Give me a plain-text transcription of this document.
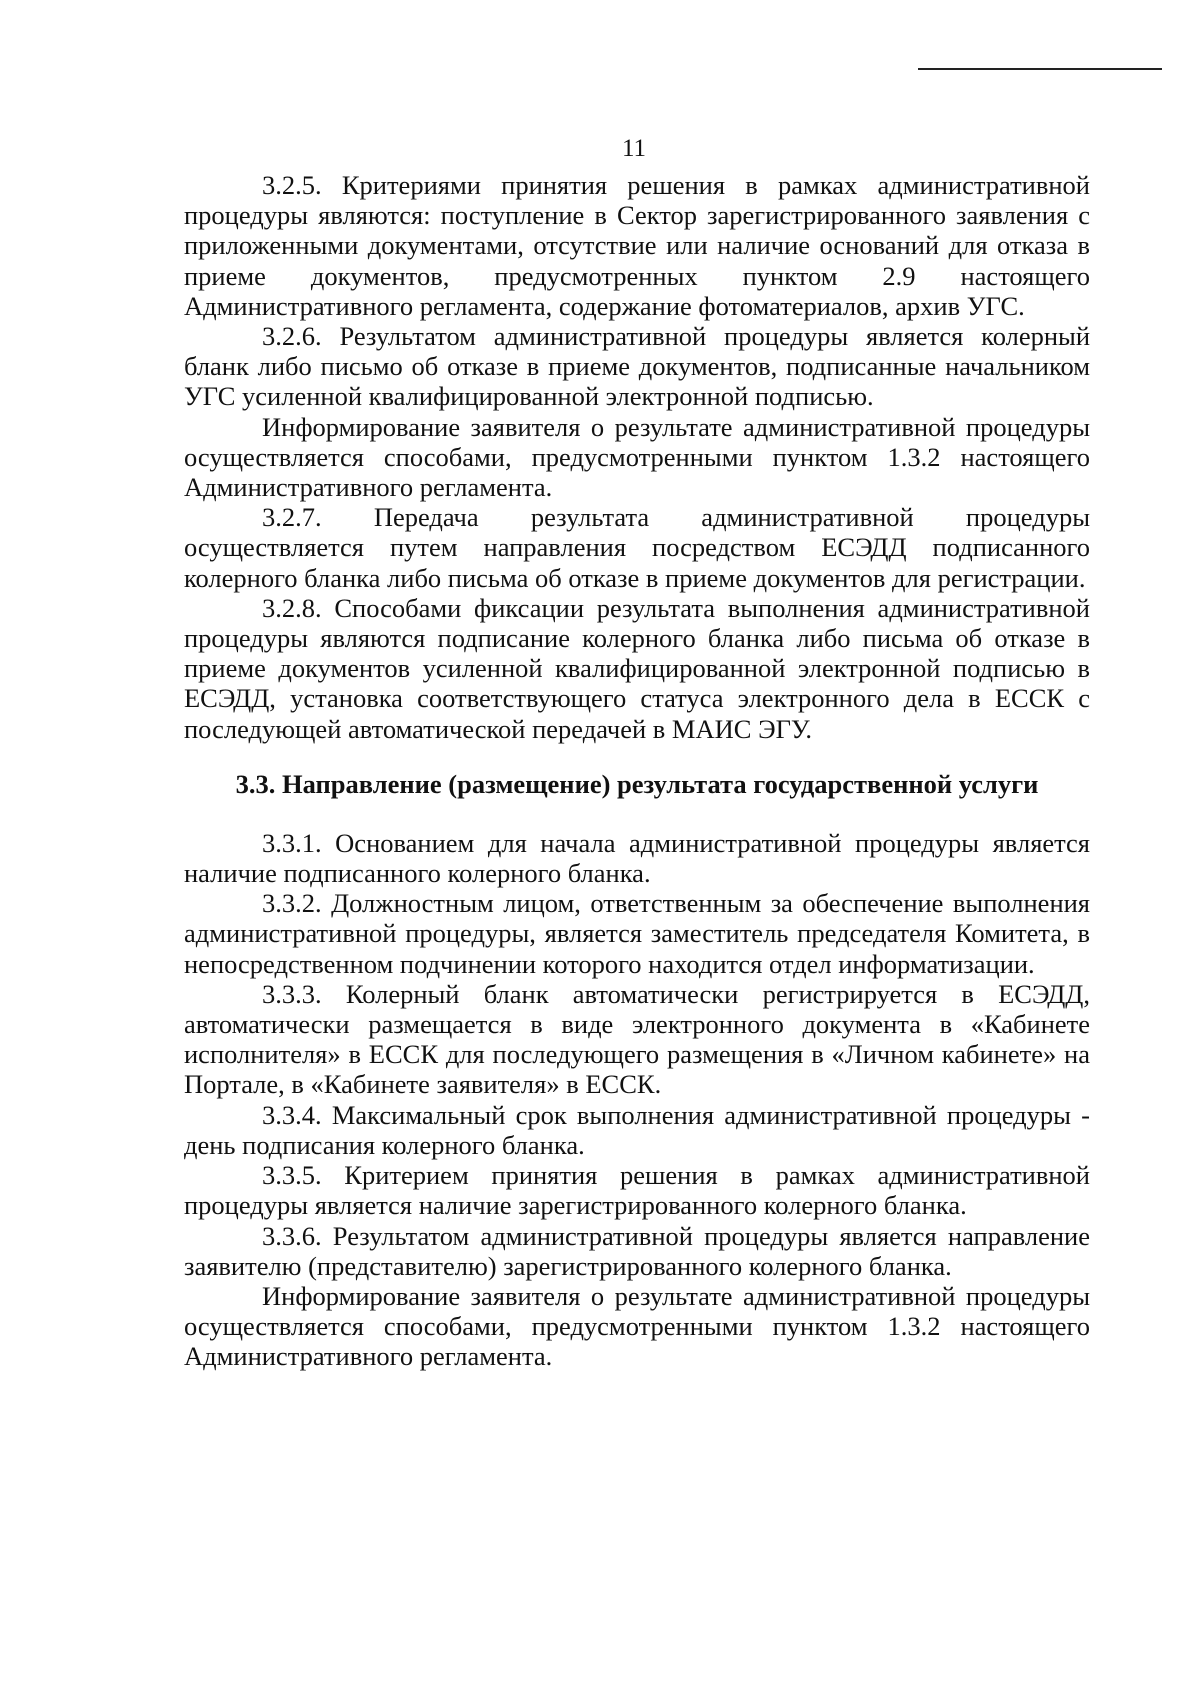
11

3.2.5. Критериями принятия решения в рамках административной процедуры являются: поступление в Сектор зарегистрированного заявления с приложенными документами, отсутствие или наличие оснований для отказа в приеме документов, предусмотренных пунктом 2.9 настоящего Административного регламента, содержание фотоматериалов, архив УГС.

3.2.6. Результатом административной процедуры является колерный бланк либо письмо об отказе в приеме документов, подписанные начальником УГС усиленной квалифицированной электронной подписью.

Информирование заявителя о результате административной процедуры осуществляется способами, предусмотренными пунктом 1.3.2 настоящего Административного регламента.

3.2.7. Передача результата административной процедуры осуществляется путем направления посредством ЕСЭДД подписанного колерного бланка либо письма об отказе в приеме документов для регистрации.

3.2.8. Способами фиксации результата выполнения административной процедуры являются подписание колерного бланка либо письма об отказе в приеме документов усиленной квалифицированной электронной подписью в ЕСЭДД, установка соответствующего статуса электронного дела в ЕССК с последующей автоматической передачей в МАИС ЭГУ.

3.3. Направление (размещение) результата государственной услуги

3.3.1. Основанием для начала административной процедуры является наличие подписанного колерного бланка.

3.3.2. Должностным лицом, ответственным за обеспечение выполнения административной процедуры, является заместитель председателя Комитета, в непосредственном подчинении которого находится отдел информатизации.

3.3.3. Колерный бланк автоматически регистрируется в ЕСЭДД, автоматически размещается в виде электронного документа в «Кабинете исполнителя» в ЕССК для последующего размещения в «Личном кабинете» на Портале, в «Кабинете заявителя» в ЕССК.

3.3.4. Максимальный срок выполнения административной процедуры - день подписания колерного бланка.

3.3.5. Критерием принятия решения в рамках административной процедуры является наличие зарегистрированного колерного бланка.

3.3.6. Результатом административной процедуры является направление заявителю (представителю) зарегистрированного колерного бланка.

Информирование заявителя о результате административной процедуры осуществляется способами, предусмотренными пунктом 1.3.2 настоящего Административного регламента.
